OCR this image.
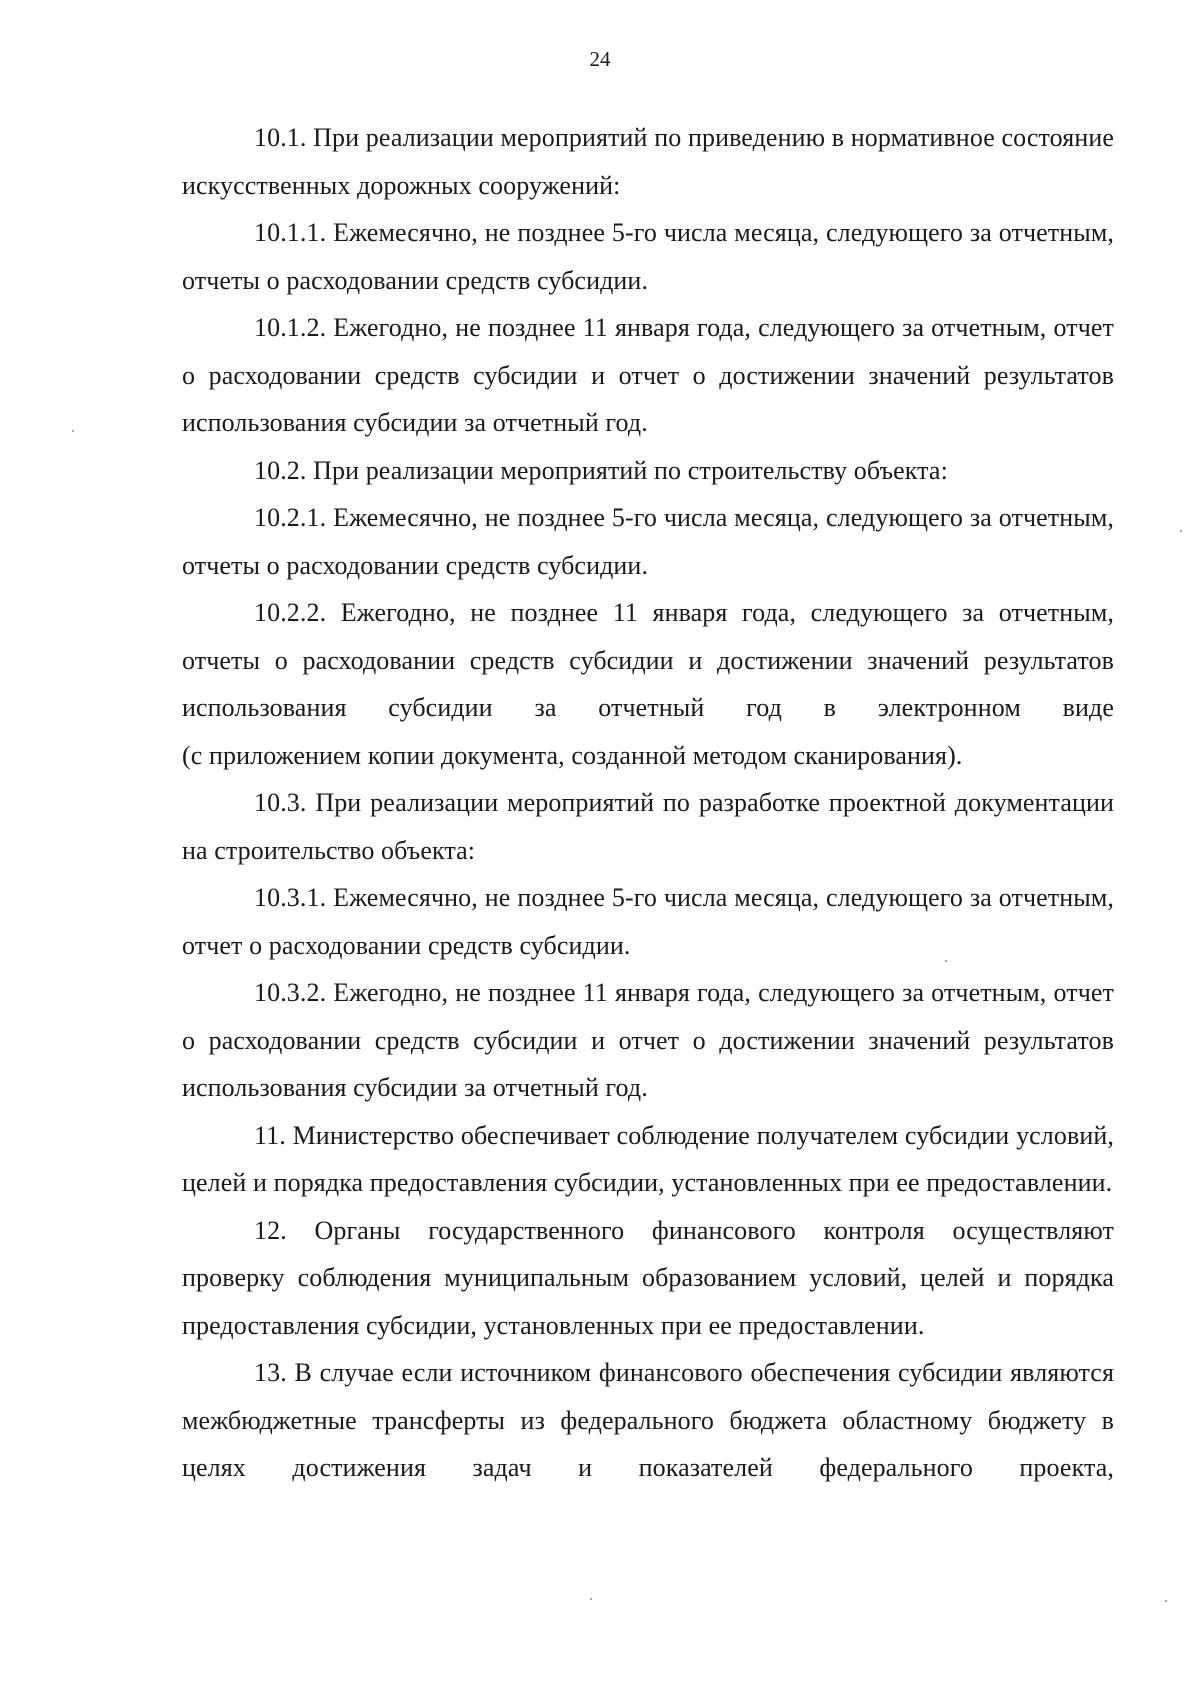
24

10.1. При реализации мероприятий по приведению в нормативное состояние искусственных дорожных сооружений:

10.1.1. Ежемесячно, не позднее 5-го числа месяца, следующего за отчетным, отчеты о расходовании средств субсидии.

10.1.2. Ежегодно, не позднее 11 января года, следующего за отчетным, отчет о расходовании средств субсидии и отчет о достижении значений результатов использования субсидии за отчетный год.

10.2. При реализации мероприятий по строительству объекта:

10.2.1. Ежемесячно, не позднее 5-го числа месяца, следующего за отчетным, отчеты о расходовании средств субсидии.

10.2.2. Ежегодно, не позднее 11 января года, следующего за отчетным, отчеты о расходовании средств субсидии и достижении значений результатов использования субсидии за отчетный год в электронном виде

(с приложением копии документа, созданной методом сканирования).

10.3. При реализации мероприятий по разработке проектной документации на строительство объекта:

10.3.1. Ежемесячно, не позднее 5-го числа месяца, следующего за отчетным, отчет о расходовании средств субсидии.

10.3.2. Ежегодно, не позднее 11 января года, следующего за отчетным, отчет о расходовании средств субсидии и отчет о достижении значений результатов использования субсидии за отчетный год.

11. Министерство обеспечивает соблюдение получателем субсидии условий, целей и порядка предоставления субсидии, установленных при ее предоставлении.

12. Органы государственного финансового контроля осуществляют проверку соблюдения муниципальным образованием условий, целей и порядка предоставления субсидии, установленных при ее предоставлении.

13. В случае если источником финансового обеспечения субсидии являются межбюджетные трансферты из федерального бюджета областному бюджету в целях достижения задач и показателей федерального проекта,
